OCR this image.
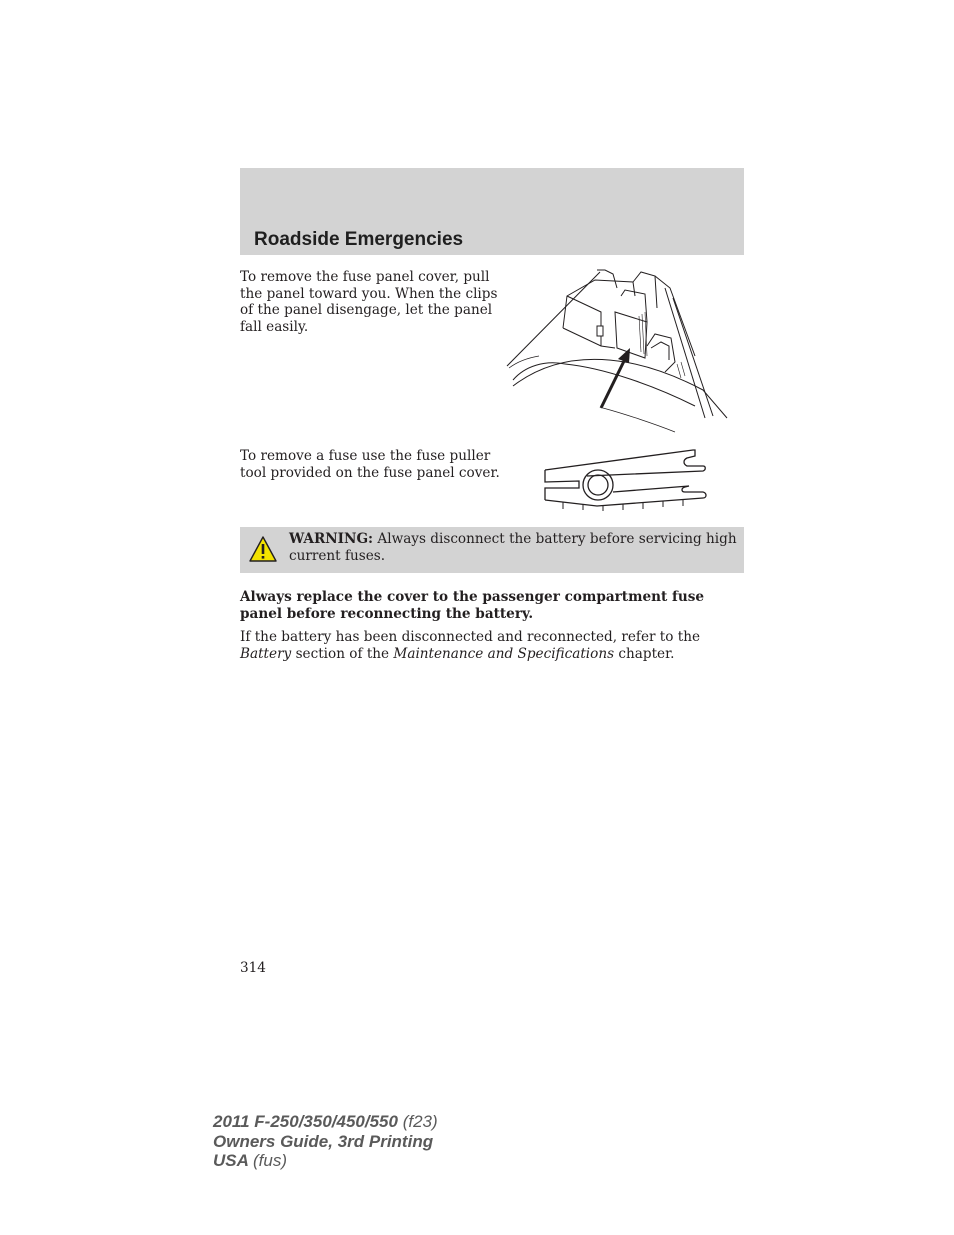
Roadside Emergencies

To remove the fuse panel cover, pull the panel toward you. When the clips of the panel disengage, let the panel fall easily.

To remove a fuse use the fuse puller tool provided on the fuse panel cover.

WARNING: Always disconnect the battery before servicing high current fuses.

Always replace the cover to the passenger compartment fuse panel before reconnecting the battery.

If the battery has been disconnected and reconnected, refer to the Battery section of the Maintenance and Specifications chapter.

314

2011 F-250/350/450/550 (f23)
Owners Guide, 3rd Printing
USA (fus)
